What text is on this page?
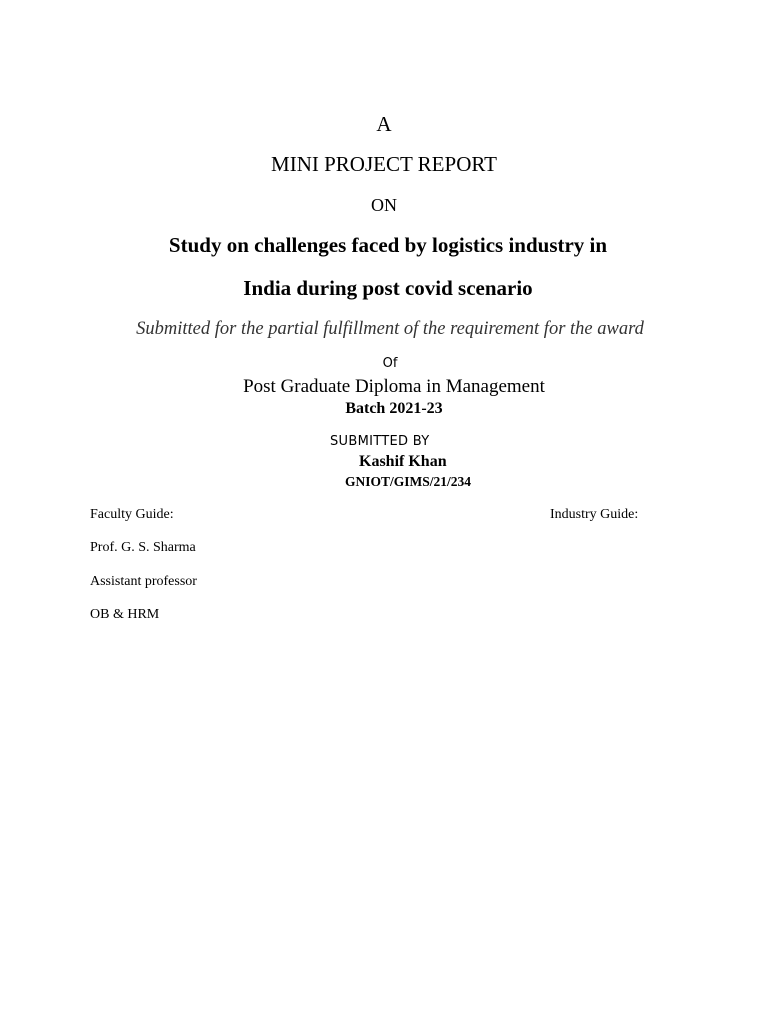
A
MINI PROJECT REPORT
ON
Study on challenges faced by logistics industry in
India during post covid scenario
Submitted for the partial fulfillment of the requirement for the award
Of
Post Graduate Diploma in Management
Batch 2021-23
SUBMITTED BY
Kashif Khan
GNIOT/GIMS/21/234
Faculty Guide:	Industry Guide:
Prof. G. S. Sharma
Assistant professor
OB & HRM
